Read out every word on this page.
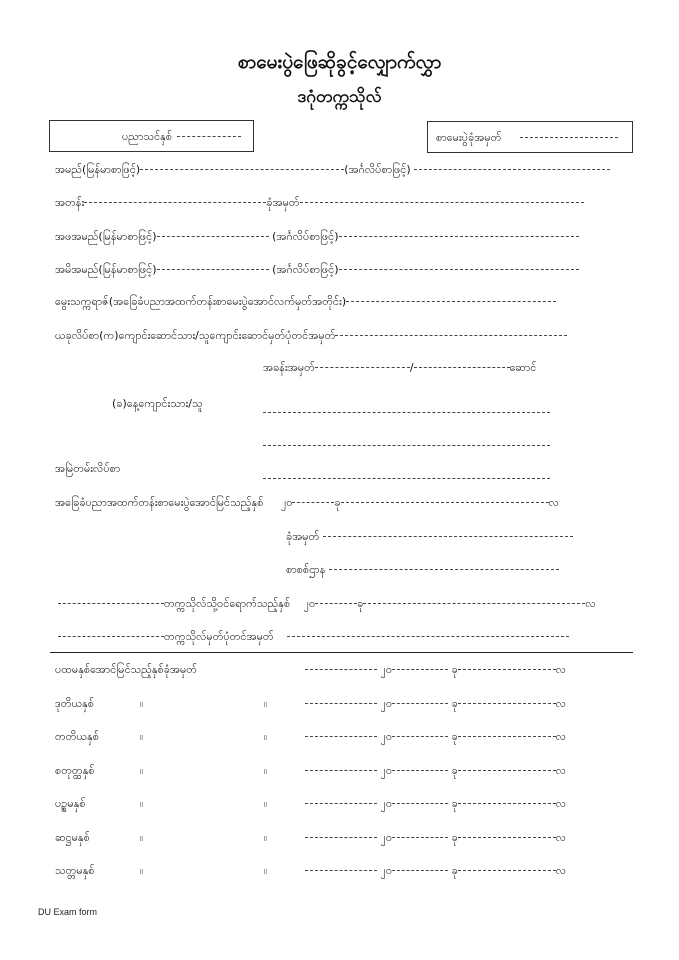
စာမေးပွဲဖြေဆိုခွင့်လျှောက်လွှာ
ဒဂုံတက္ကသိုလ်
ပညာသင်နှစ်	စာမေးပွဲခုံအမှတ်
အမည်(မြန်မာစာဖြင့်)	(အင်္ဂလိပ်စာဖြင့်)
အတန်း	ခုံအမှတ်
အဖအမည်(မြန်မာစာဖြင့်)	(အင်္ဂလိပ်စာဖြင့်)
အမိအမည်(မြန်မာစာဖြင့်)	(အင်္ဂလိပ်စာဖြင့်)
မွေးသက္ကရာဇ်(အခြေခံပညာအထက်တန်းစာမေးပွဲအောင်လက်မှတ်အတိုင်း)
ယခုလိပ်စာ(က)ကျောင်းဆောင်သား/သူကျောင်းဆောင်မှတ်ပုံတင်အမှတ်
အခန်းအမှတ်	/	ဆောင်
(ခ)နေ့ကျောင်းသား/သူ
အမြဲတမ်းလိပ်စာ
အခြေခံပညာအထက်တန်းစာမေးပွဲအောင်မြင်သည့်နှစ် ၂၀	ခု	လ
ခုံအမှတ်
စာစစ်ဌာန
တက္ကသိုလ်သို့ဝင်ရောက်သည့်နှစ် ၂၀	ခု	လ
တက္ကသိုလ်မှတ်ပုံတင်အမှတ်
ပထမနှစ်အောင်မြင်သည့်နှစ်ခုံအမှတ်	၂၀	ခု	လ
ဒုတိယနှစ်	။	။	၂၀	ခု	လ
တတိယနှစ်	။	။	၂၀	ခု	လ
စတုတ္ထနှစ်	။	။	၂၀	ခု	လ
ပဥ္စမနှစ်	။	။	၂၀	ခု	လ
ဆဋ္ဌမနှစ်	။	။	၂၀	ခု	လ
သတ္တမနှစ်	။	။	၂၀	ခု	လ
DU Exam form
